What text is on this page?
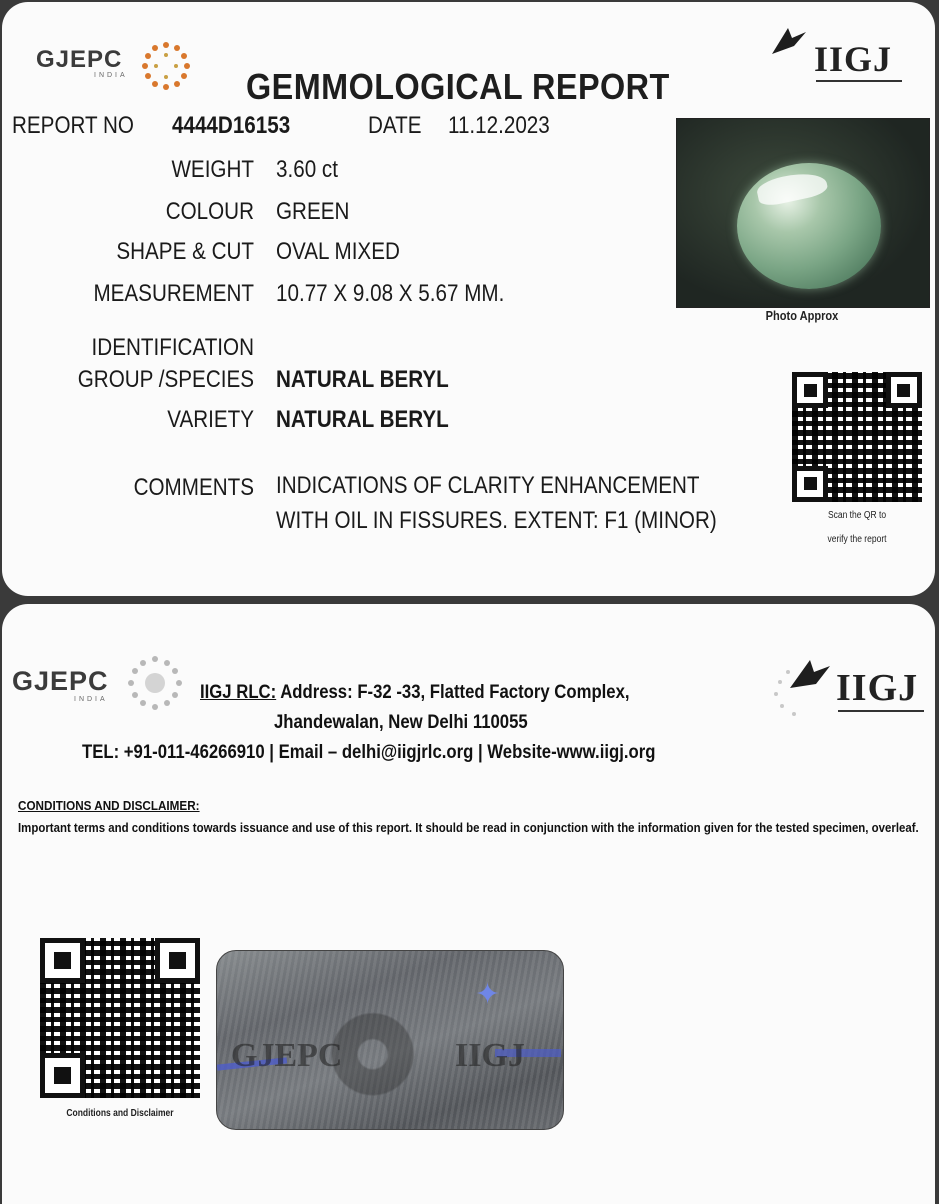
GJEPC
INDIA	IIGJ
GEMMOLOGICAL REPORT
REPORT NO 4444D16153	DATE 11.12.2023
WEIGHT 3.60 ct
COLOUR GREEN
SHAPE & CUT OVAL MIXED
MEASUREMENT 10.77 X 9.08 X 5.67 MM.
IDENTIFICATION
GROUP /SPECIES NATURAL BERYL
VARIETY NATURAL BERYL
COMMENTS INDICATIONS OF CLARITY ENHANCEMENT WITH OIL IN FISSURES. EXTENT: F1 (MINOR)
Photo Approx
Scan the QR to
verify the report
GJEPC
INDIA	IIGJ
IIGJ RLC: Address: F-32 -33, Flatted Factory Complex,
Jhandewalan, New Delhi 110055
TEL: +91-011-46266910 | Email – delhi@iigjrlc.org | Website-www.iigj.org
CONDITIONS AND DISCLAIMER:
Important terms and conditions towards issuance and use of this report. It should be read in conjunction with the information given for the tested specimen, overleaf.
Conditions and Disclaimer
✦
GJEPC	IIGJ
